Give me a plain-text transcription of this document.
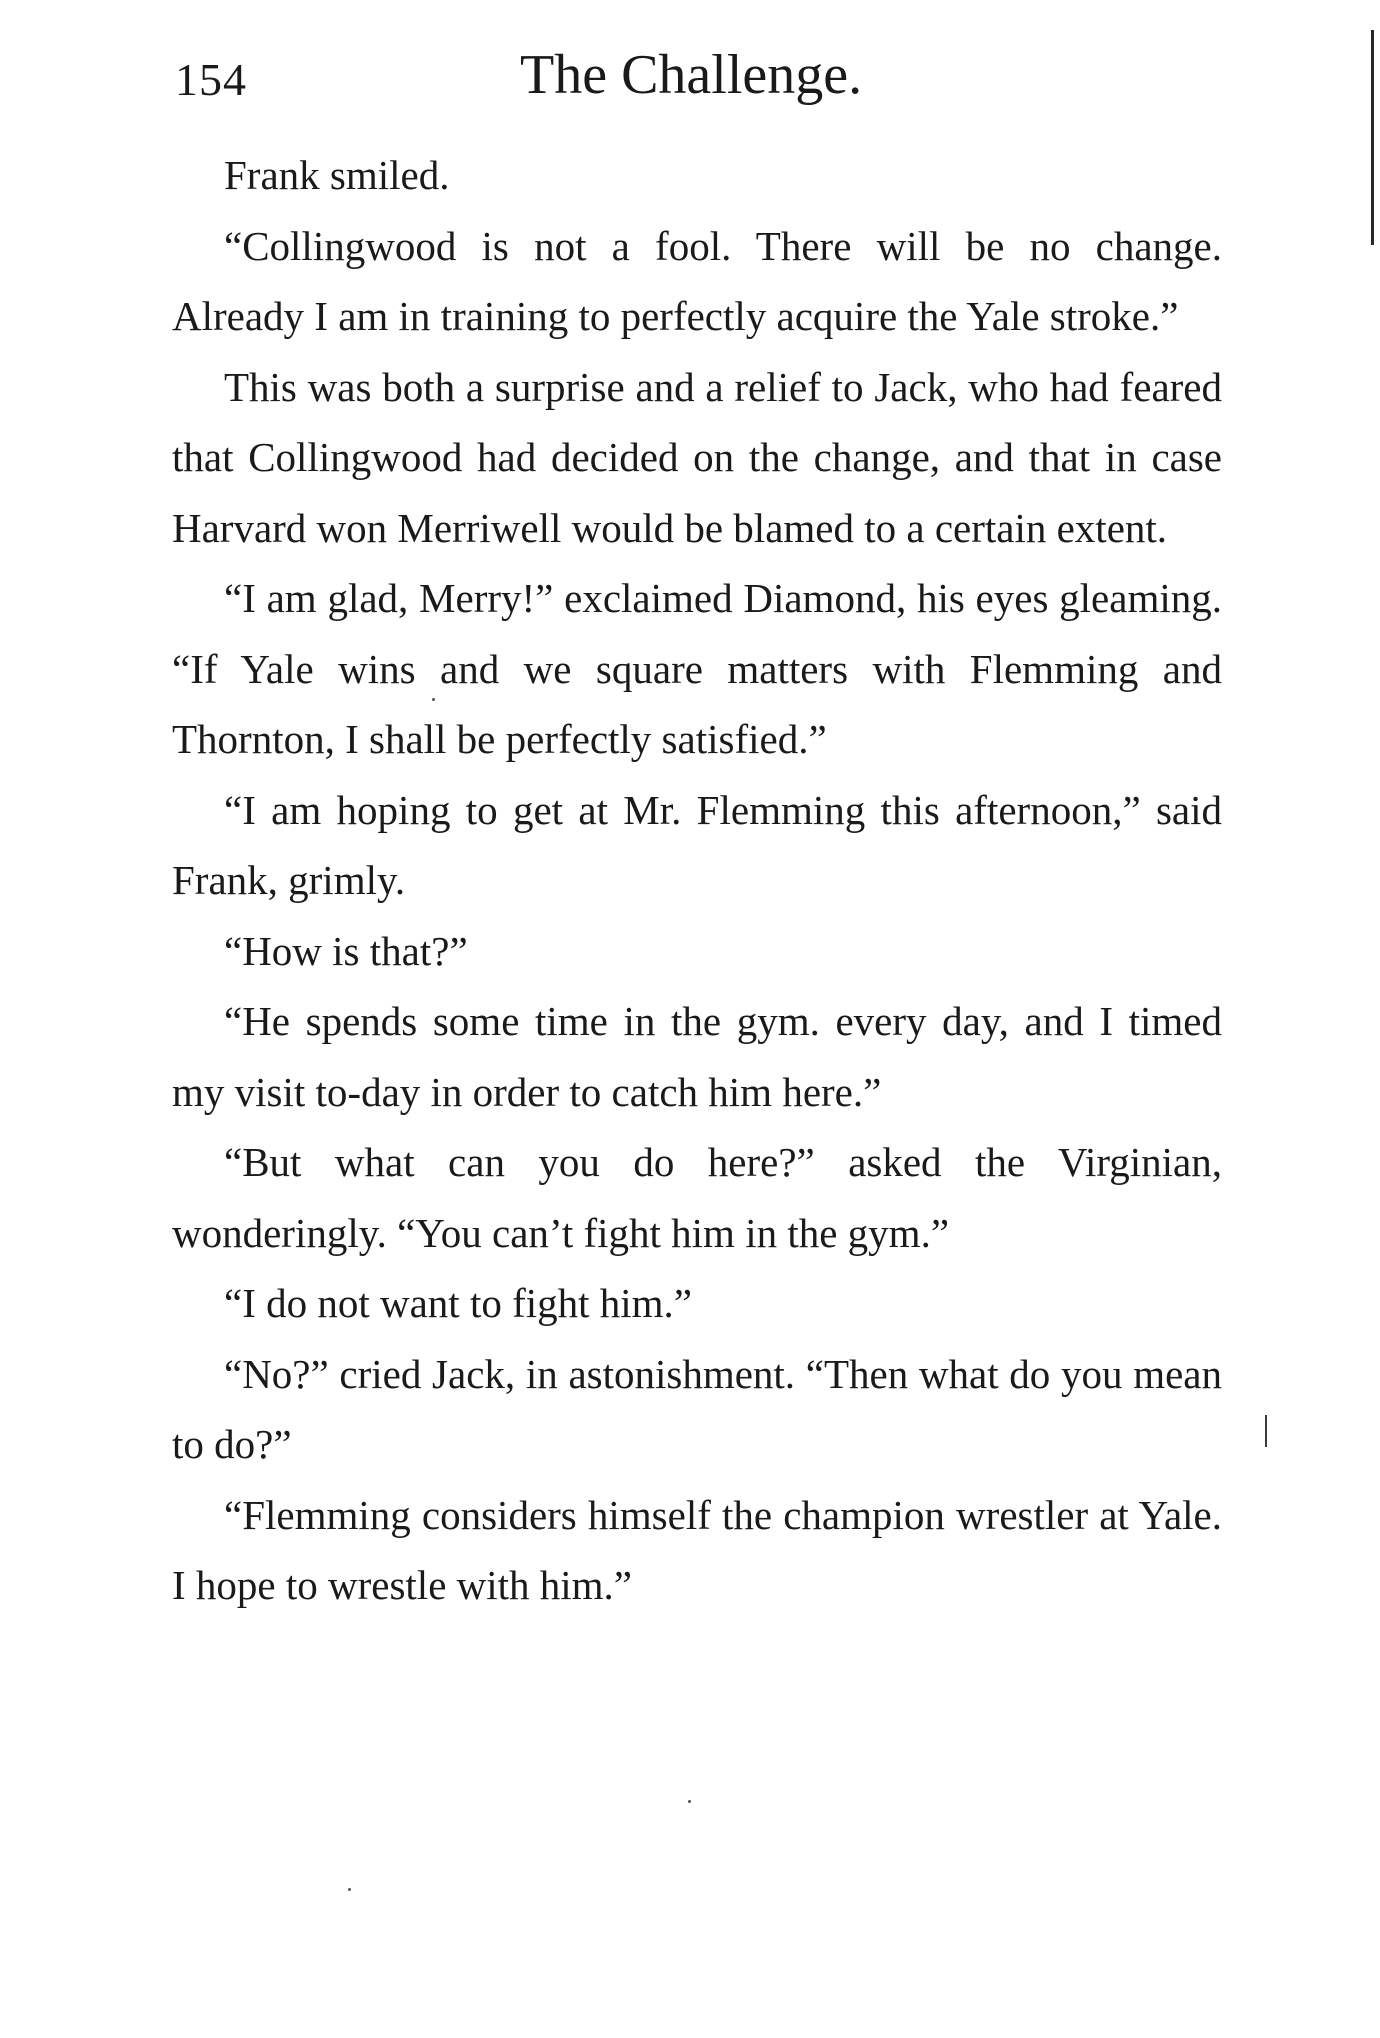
154	The Challenge.

Frank smiled.

“Collingwood is not a fool. There will be no change. Already I am in training to perfectly acquire the Yale stroke.”

This was both a surprise and a relief to Jack, who had feared that Collingwood had decided on the change, and that in case Harvard won Merriwell would be blamed to a certain extent.

“I am glad, Merry!” exclaimed Diamond, his eyes gleaming. “If Yale wins and we square matters with Flemming and Thornton, I shall be perfectly satisfied.”

“I am hoping to get at Mr. Flemming this afternoon,” said Frank, grimly.

“How is that?”

“He spends some time in the gym. every day, and I timed my visit to-day in order to catch him here.”

“But what can you do here?” asked the Virginian, wonderingly. “You can’t fight him in the gym.”

“I do not want to fight him.”

“No?” cried Jack, in astonishment. “Then what do you mean to do?”

“Flemming considers himself the champion wrestler at Yale. I hope to wrestle with him.”
